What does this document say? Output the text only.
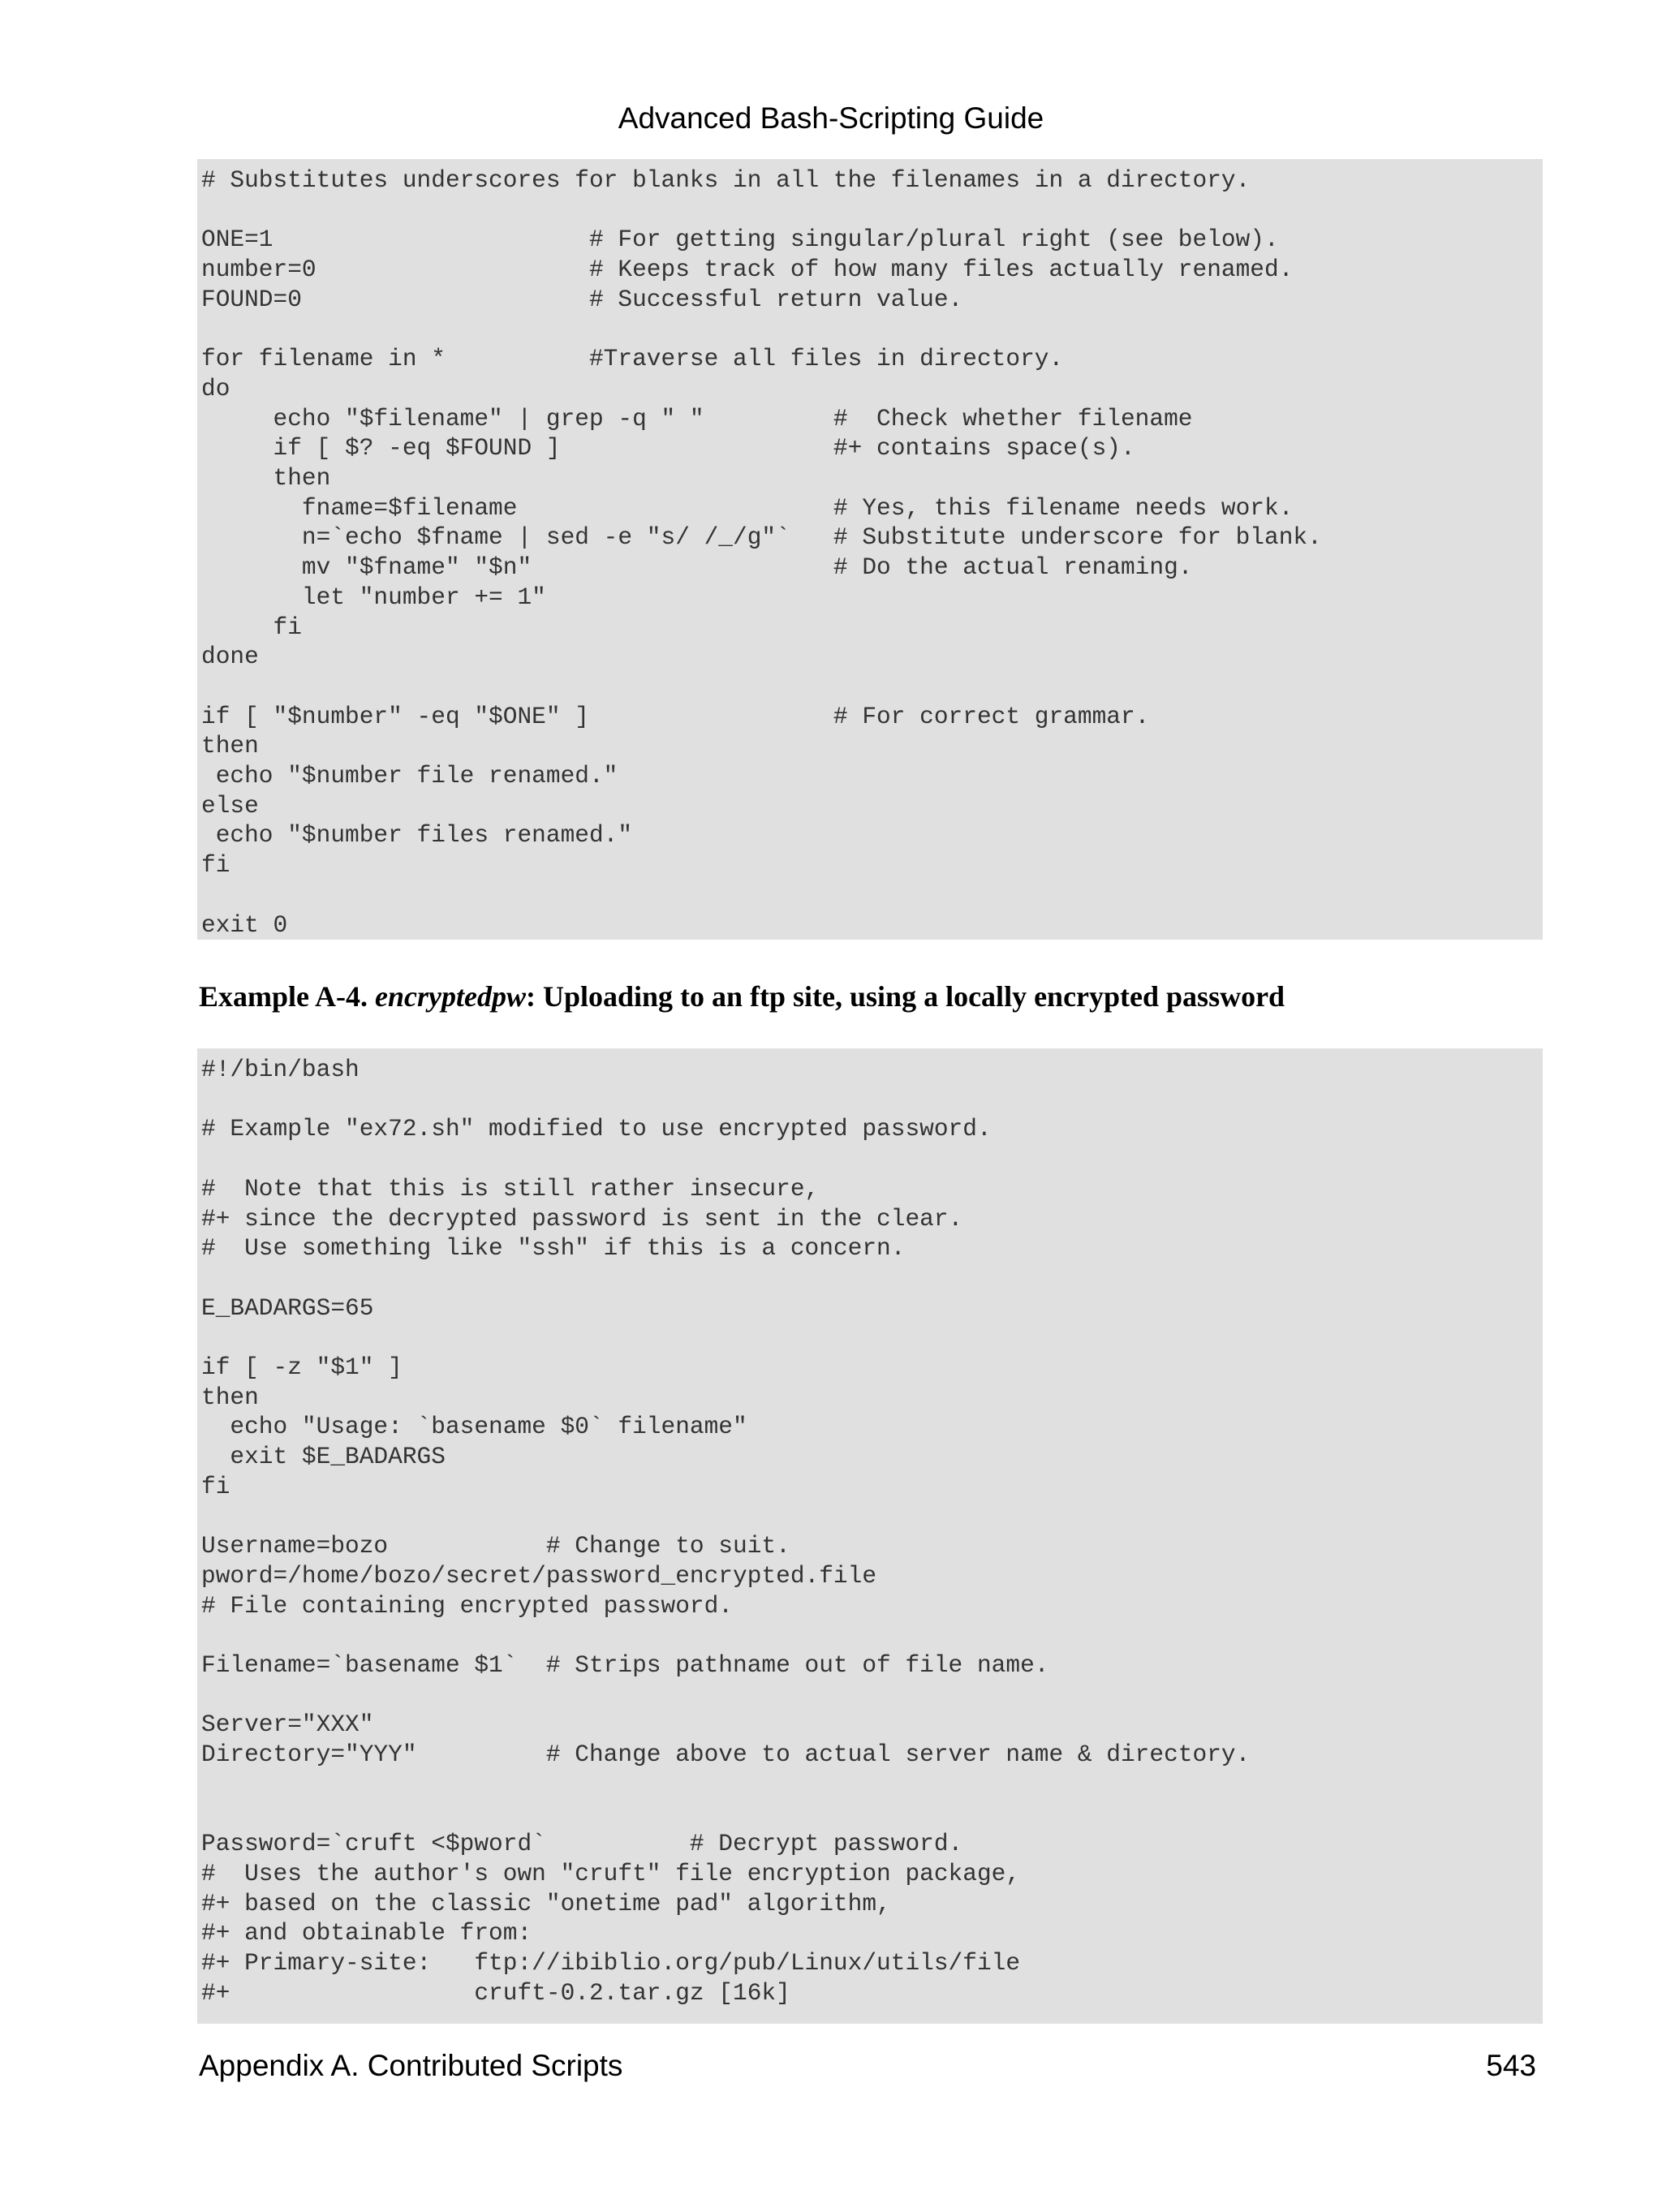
Advanced Bash-Scripting Guide
# Substitutes underscores for blanks in all the filenames in a directory.

ONE=1                      # For getting singular/plural right (see below).
number=0                   # Keeps track of how many files actually renamed.
FOUND=0                    # Successful return value.

for filename in *          #Traverse all files in directory.
do
echo "$filename" | grep -q " "         #  Check whether filename
if [ $? -eq $FOUND ]                   #+ contains space(s).
then
fname=$filename                      # Yes, this filename needs work.
n=`echo $fname | sed -e "s/ /_/g"`   # Substitute underscore for blank.
mv "$fname" "$n"                     # Do the actual renaming.
let "number += 1"
fi
done

if [ "$number" -eq "$ONE" ]                 # For correct grammar.
then
echo "$number file renamed."
else
echo "$number files renamed."
fi

exit 0
Example A-4. encryptedpw: Uploading to an ftp site, using a locally encrypted password
#!/bin/bash

# Example "ex72.sh" modified to use encrypted password.

#  Note that this is still rather insecure,
#+ since the decrypted password is sent in the clear.
#  Use something like "ssh" if this is a concern.

E_BADARGS=65

if [ -z "$1" ]
then
echo "Usage: `basename $0` filename"
exit $E_BADARGS
fi

Username=bozo           # Change to suit.
pword=/home/bozo/secret/password_encrypted.file
# File containing encrypted password.

Filename=`basename $1`  # Strips pathname out of file name.

Server="XXX"
Directory="YYY"         # Change above to actual server name & directory.

Password=`cruft <$pword`          # Decrypt password.
#  Uses the author's own "cruft" file encryption package,
#+ based on the classic "onetime pad" algorithm,
#+ and obtainable from:
#+ Primary-site:   ftp://ibiblio.org/pub/Linux/utils/file
#+                 cruft-0.2.tar.gz [16k]
Appendix A. Contributed Scripts	543
